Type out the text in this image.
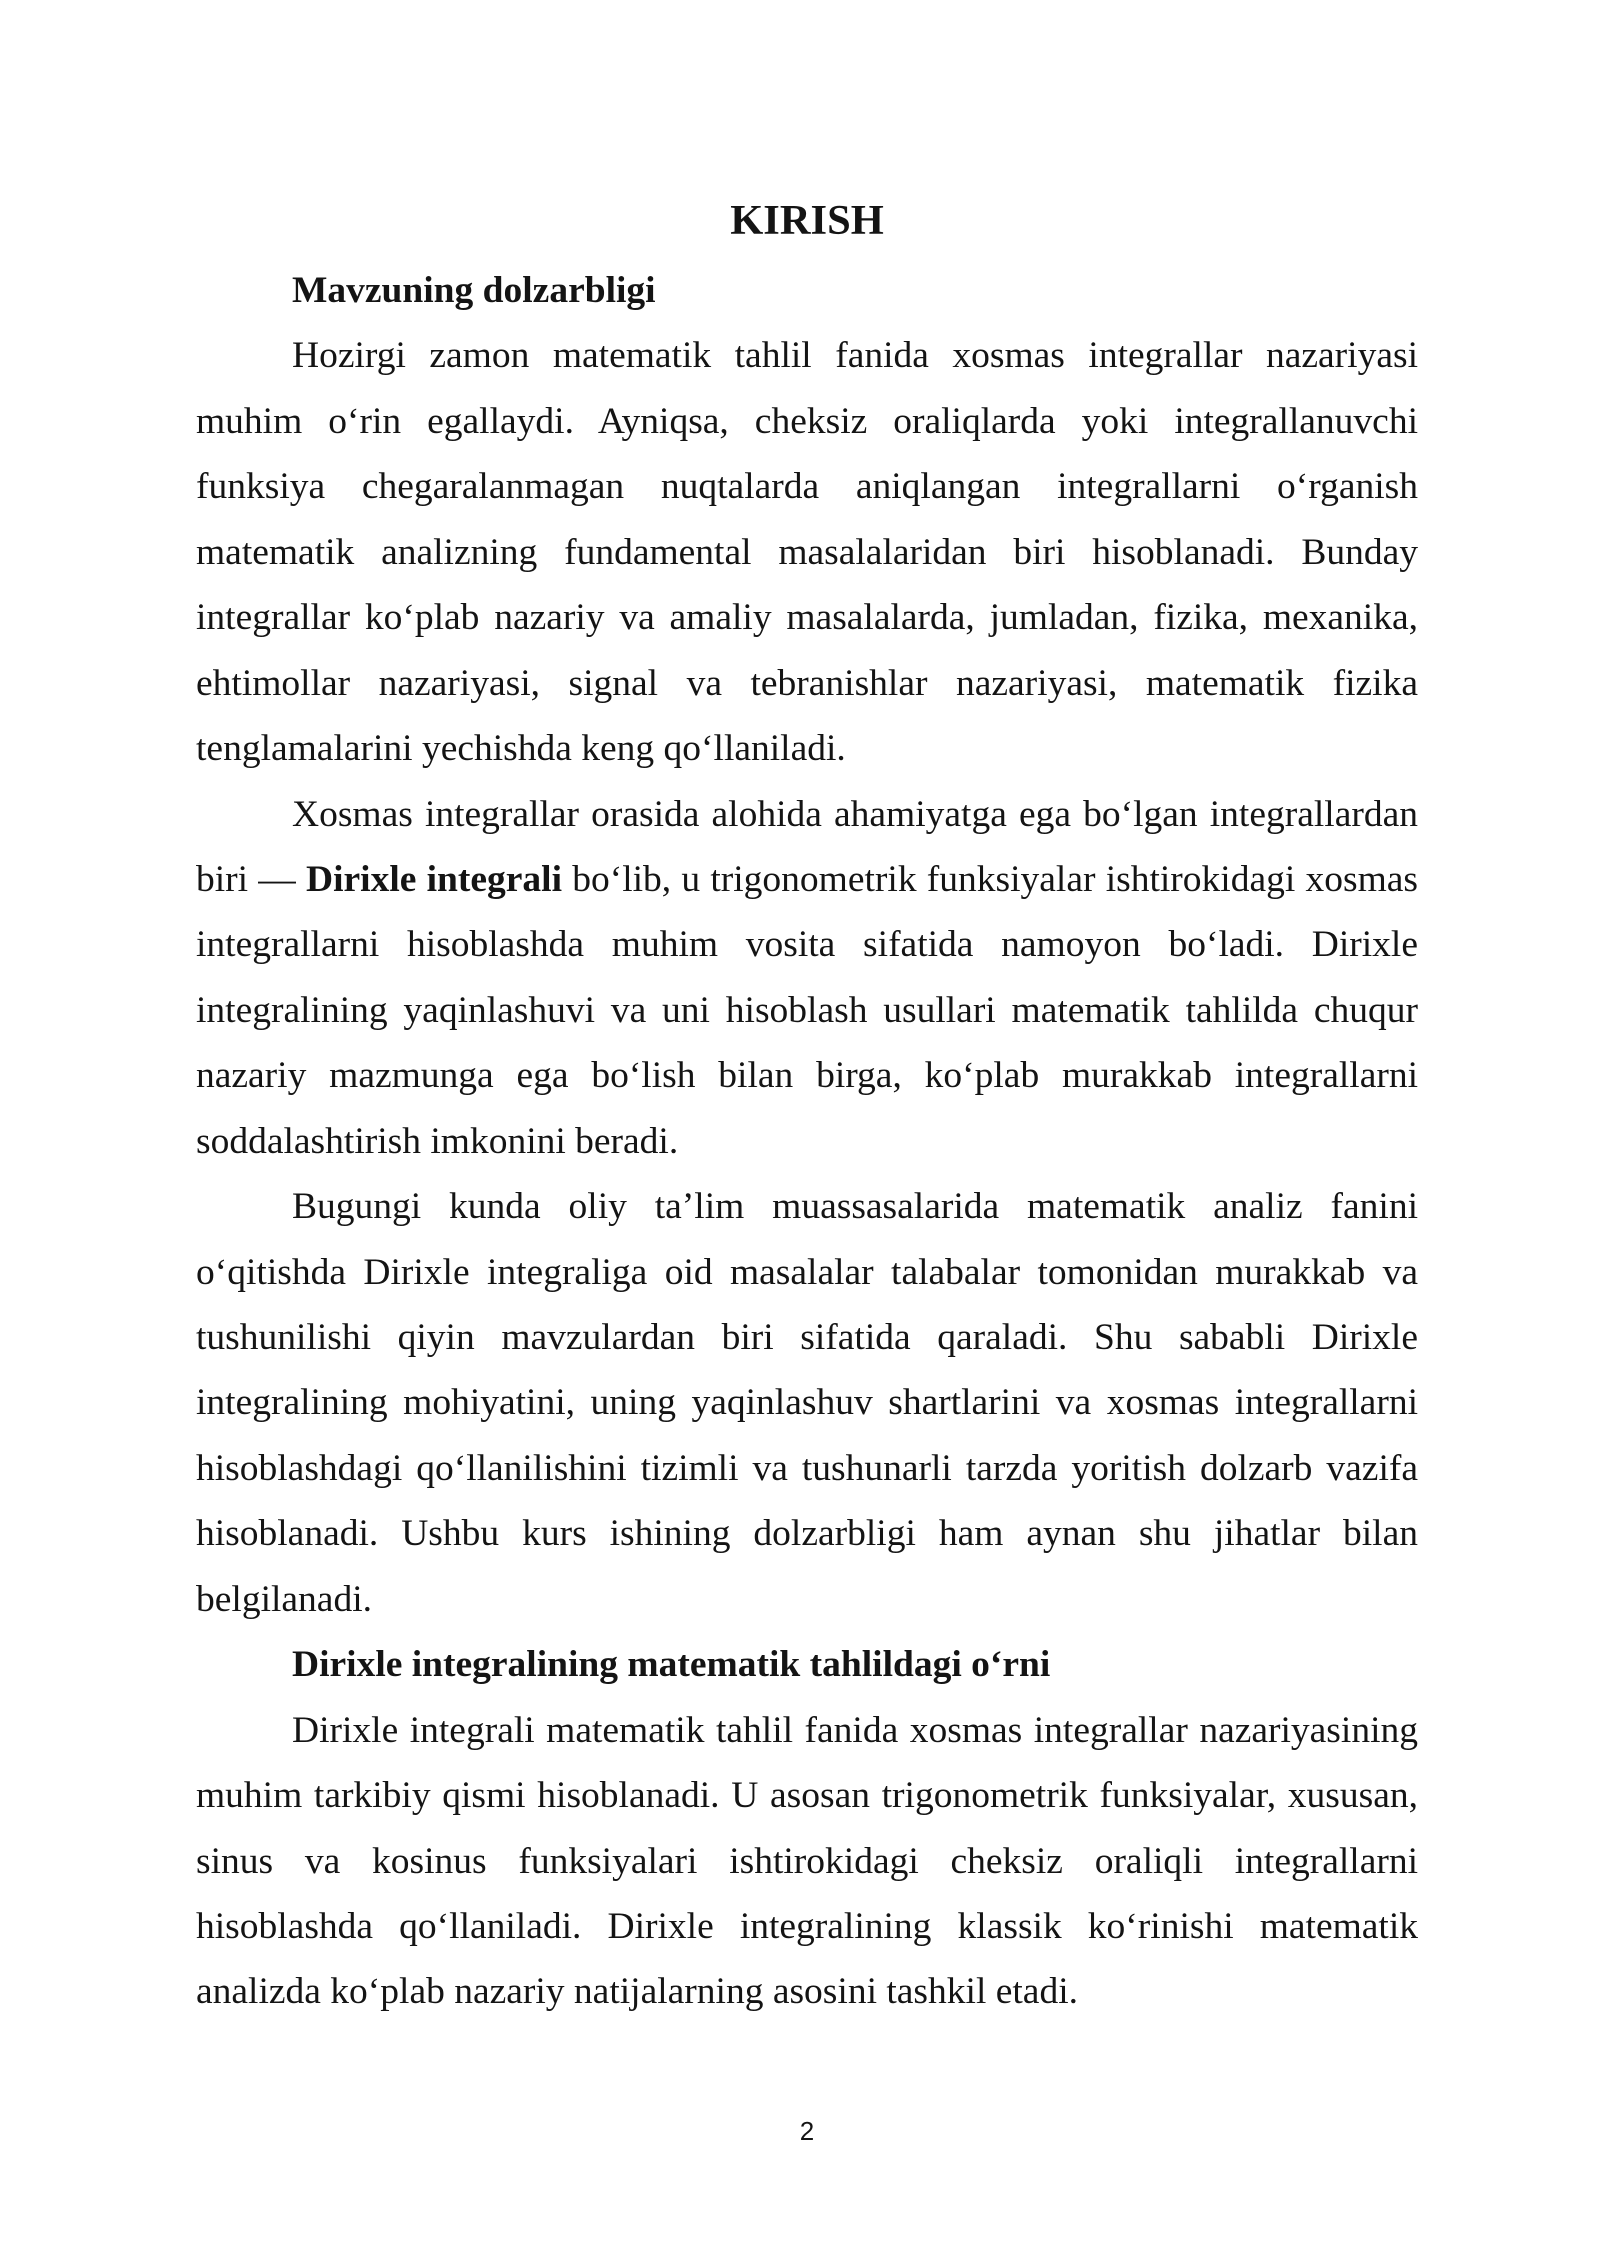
KIRISH
Mavzuning dolzarbligi
Hozirgi zamon matematik tahlil fanida xosmas integrallar nazariyasi
muhim o‘rin egallaydi. Ayniqsa, cheksiz oraliqlarda yoki integrallanuvchi
funksiya chegaralanmagan nuqtalarda aniqlangan integrallarni o‘rganish
matematik analizning fundamental masalalaridan biri hisoblanadi. Bunday
integrallar ko‘plab nazariy va amaliy masalalarda, jumladan, fizika, mexanika,
ehtimollar nazariyasi, signal va tebranishlar nazariyasi, matematik fizika
tenglamalarini yechishda keng qo‘llaniladi.
Xosmas integrallar orasida alohida ahamiyatga ega bo‘lgan integrallardan
biri — Dirixle integrali bo‘lib, u trigonometrik funksiyalar ishtirokidagi xosmas
integrallarni hisoblashda muhim vosita sifatida namoyon bo‘ladi. Dirixle
integralining yaqinlashuvi va uni hisoblash usullari matematik tahlilda chuqur
nazariy mazmunga ega bo‘lish bilan birga, ko‘plab murakkab integrallarni
soddalashtirish imkonini beradi.
Bugungi kunda oliy ta’lim muassasalarida matematik analiz fanini
o‘qitishda Dirixle integraliga oid masalalar talabalar tomonidan murakkab va
tushunilishi qiyin mavzulardan biri sifatida qaraladi. Shu sababli Dirixle
integralining mohiyatini, uning yaqinlashuv shartlarini va xosmas integrallarni
hisoblashdagi qo‘llanilishini tizimli va tushunarli tarzda yoritish dolzarb vazifa
hisoblanadi. Ushbu kurs ishining dolzarbligi ham aynan shu jihatlar bilan
belgilanadi.
Dirixle integralining matematik tahlildagi o‘rni
Dirixle integrali matematik tahlil fanida xosmas integrallar nazariyasining
muhim tarkibiy qismi hisoblanadi. U asosan trigonometrik funksiyalar, xususan,
sinus va kosinus funksiyalari ishtirokidagi cheksiz oraliqli integrallarni
hisoblashda qo‘llaniladi. Dirixle integralining klassik ko‘rinishi matematik
analizda ko‘plab nazariy natijalarning asosini tashkil etadi.
2
